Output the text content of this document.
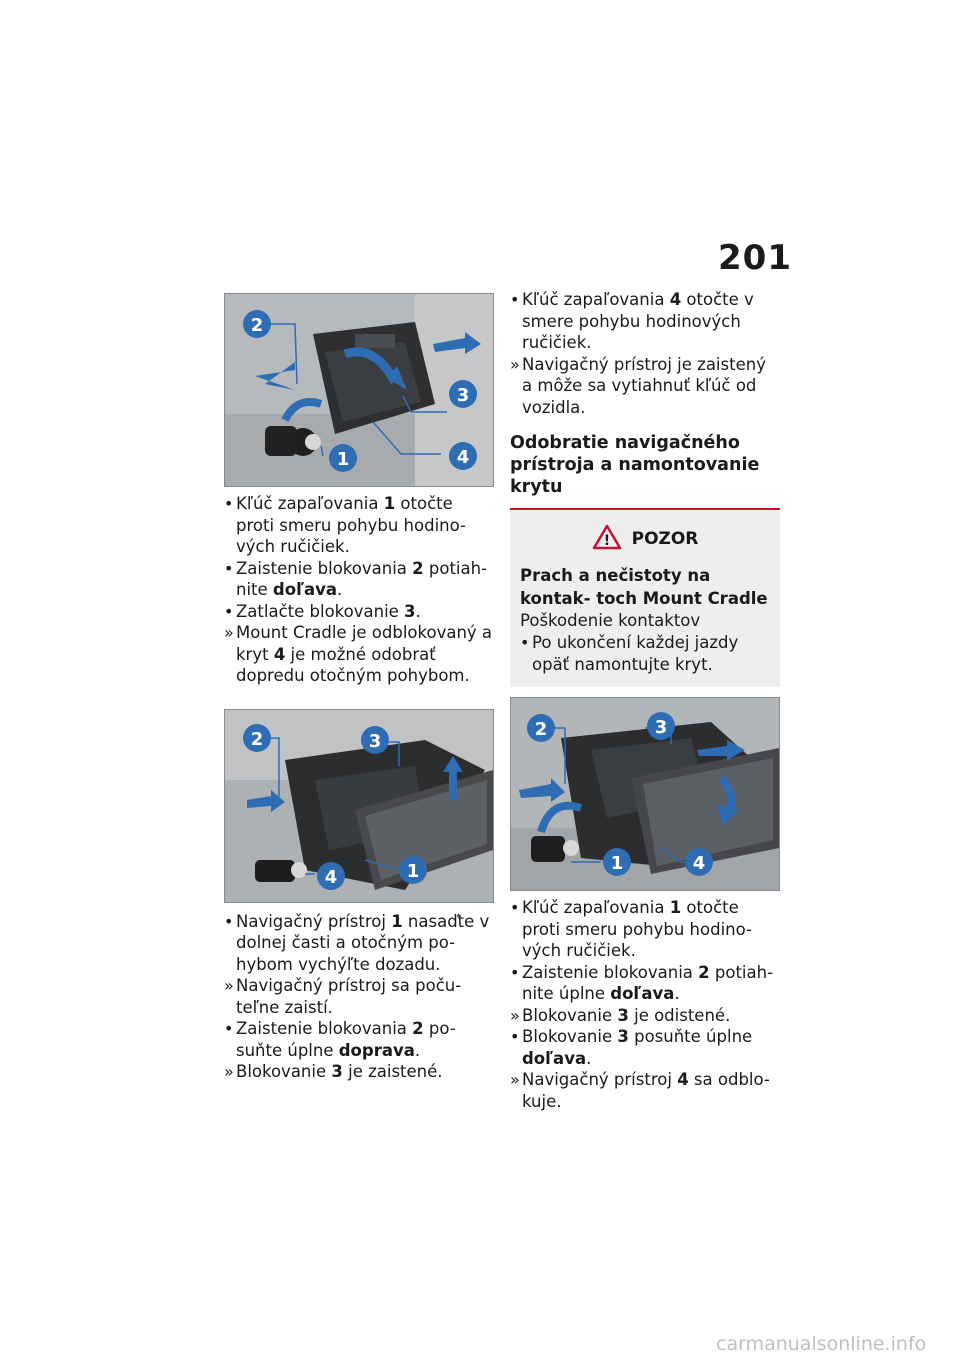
201
2
1
3
4
• Kľúč zapaľovania 1 otočte proti smeru pohybu hodino- vých ručičiek.
• Zaistenie blokovania 2 potiah- nite doľava.
• Zatlačte blokovanie 3.
» Mount Cradle je odblokovaný a kryt 4 je možné odobrať dopredu otočným pohybom.
2	3
4	1
• Navigačný prístroj 1 nasaďte v dolnej časti a otočným po- hybom vychýľte dozadu.
» Navigačný prístroj sa poču- teľne zaistí.
• Zaistenie blokovania 2 po- suňte úplne doprava.
» Blokovanie 3 je zaistené.
• Kľúč zapaľovania 4 otočte v smere pohybu hodinových ručičiek.
» Navigačný prístroj je zaistený a môže sa vytiahnuť kľúč od vozidla.
Odobratie navigačného prístroja a namontovanie krytu
! POZOR
Prach a nečistoty na kontak- toch Mount Cradle
Poškodenie kontaktov
• Po ukončení každej jazdy opäť namontujte kryt.
2	3
1	4
• Kľúč zapaľovania 1 otočte proti smeru pohybu hodino- vých ručičiek.
• Zaistenie blokovania 2 potiah- nite úplne doľava.
» Blokovanie 3 je odistené.
• Blokovanie 3 posuňte úplne doľava.
» Navigačný prístroj 4 sa odblo- kuje.
carmanualsonline.info
